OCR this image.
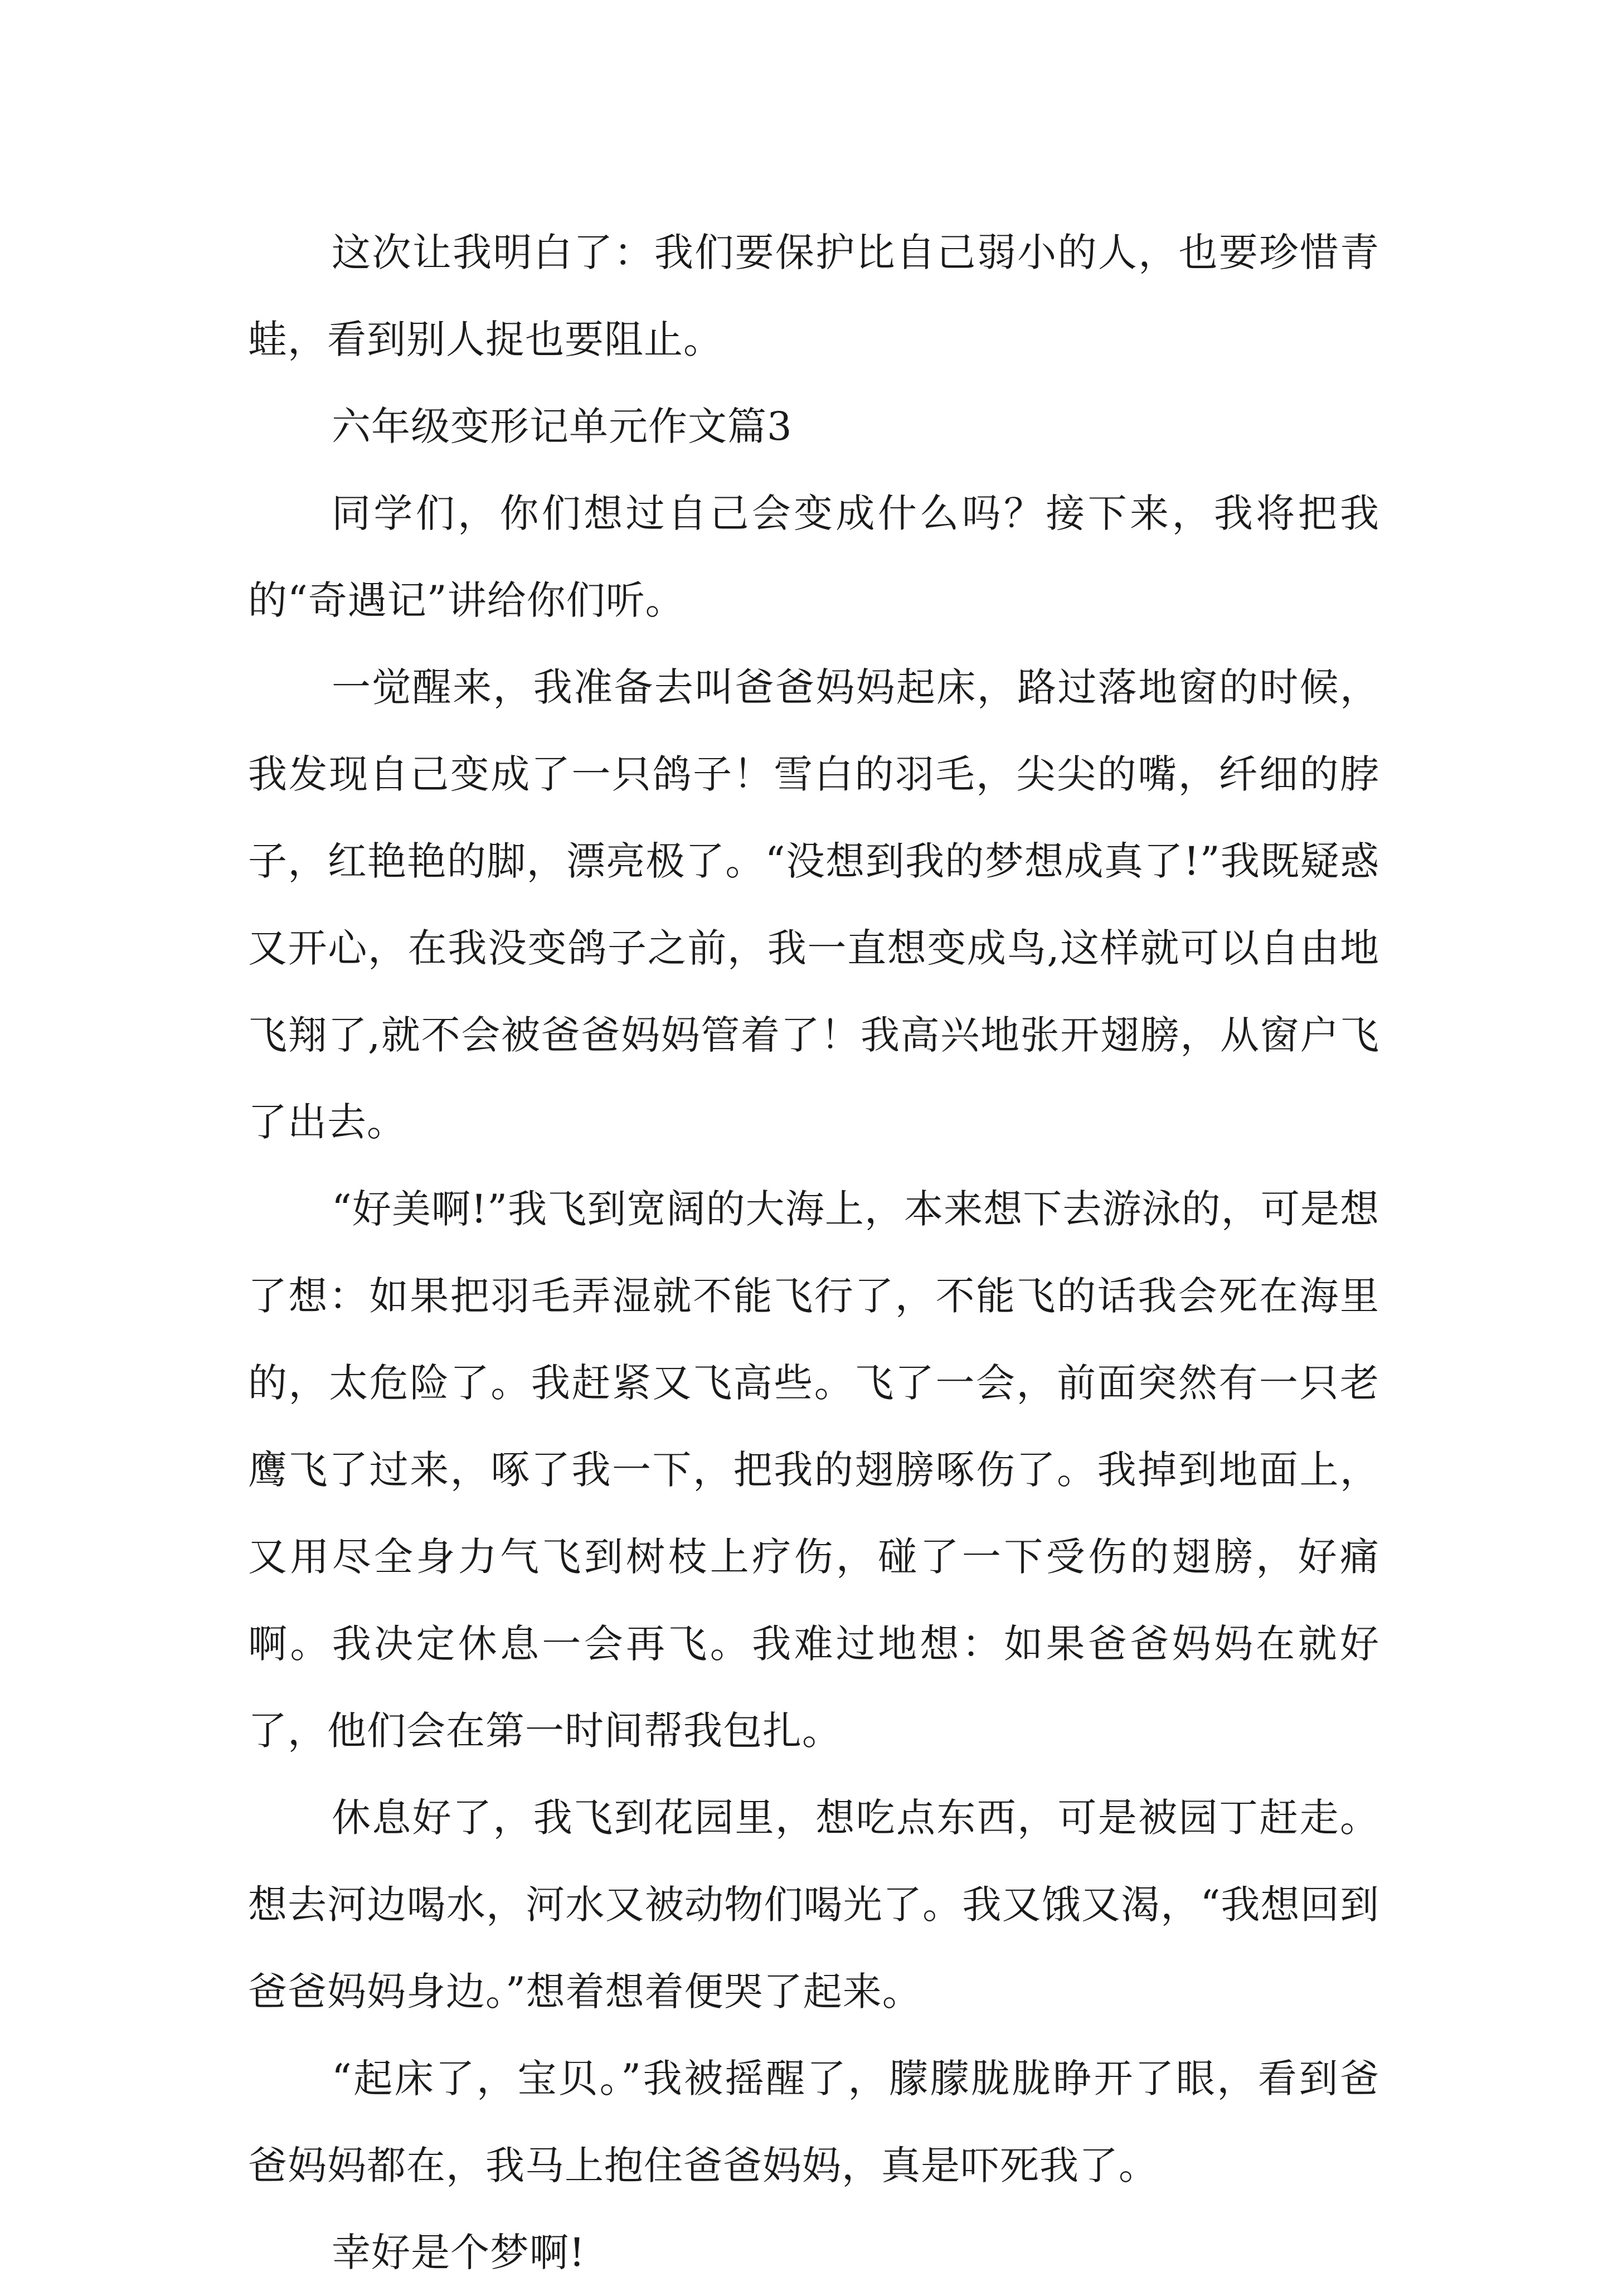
这次让我明白了：我们要保护比自己弱小的人，也要珍惜青蛙，看到别人捉也要阻止。

六年级变形记单元作文篇3

同学们，你们想过自己会变成什么吗？接下来，我将把我的“奇遇记”讲给你们听。

一觉醒来，我准备去叫爸爸妈妈起床，路过落地窗的时候，我发现自己变成了一只鸽子！雪白的羽毛，尖尖的嘴，纤细的脖子，红艳艳的脚，漂亮极了。“没想到我的梦想成真了!”我既疑惑又开心，在我没变鸽子之前，我一直想变成鸟,这样就可以自由地飞翔了,就不会被爸爸妈妈管着了！我高兴地张开翅膀，从窗户飞了出去。

“好美啊!”我飞到宽阔的大海上，本来想下去游泳的，可是想了想：如果把羽毛弄湿就不能飞行了，不能飞的话我会死在海里的，太危险了。我赶紧又飞高些。飞了一会，前面突然有一只老鹰飞了过来，啄了我一下，把我的翅膀啄伤了。我掉到地面上，又用尽全身力气飞到树枝上疗伤，碰了一下受伤的翅膀，好痛啊。我决定休息一会再飞。我难过地想：如果爸爸妈妈在就好了，他们会在第一时间帮我包扎。

休息好了，我飞到花园里，想吃点东西，可是被园丁赶走。想去河边喝水，河水又被动物们喝光了。我又饿又渴，“我想回到爸爸妈妈身边。”想着想着便哭了起来。

“起床了，宝贝。”我被摇醒了，朦朦胧胧睁开了眼，看到爸爸妈妈都在，我马上抱住爸爸妈妈，真是吓死我了。

幸好是个梦啊!
